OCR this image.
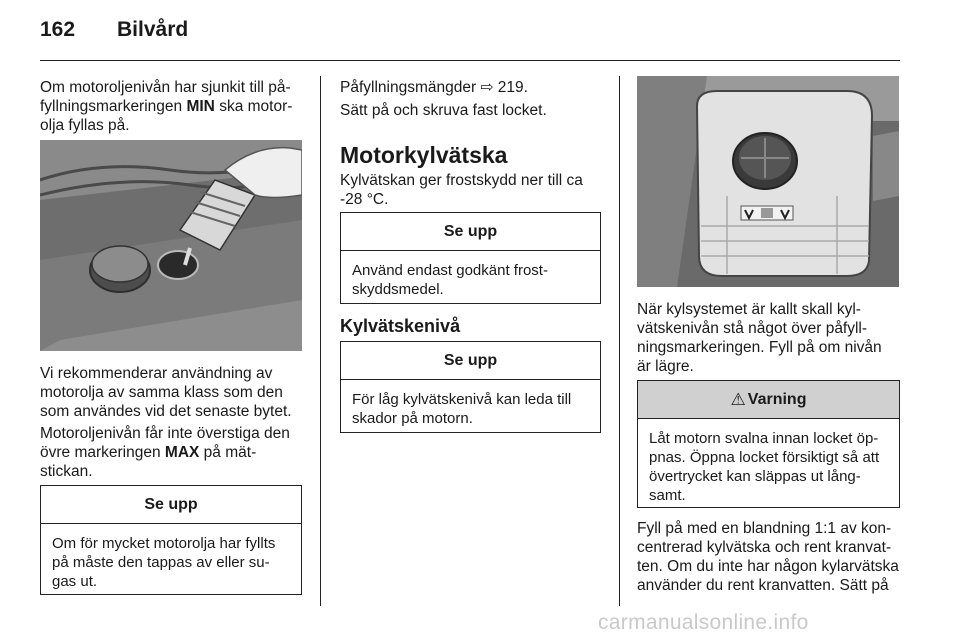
162 Bilvård
Om motoroljenivån har sjunkit till på-
fyllningsmarkeringen MIN ska motor-
olja fyllas på.
Vi rekommenderar användning av
motorolja av samma klass som den
som användes vid det senaste bytet.
Motoroljenivån får inte överstiga den
övre markeringen MAX på mät-
stickan.
Se upp
Om för mycket motorolja har fyllts
på måste den tappas av eller su-
gas ut.
Påfyllningsmängder ⇨ 219.
Sätt på och skruva fast locket.
Motorkylvätska
Kylvätskan ger frostskydd ner till ca
-28 °C.
Se upp
Använd endast godkänt frost-
skyddsmedel.
Kylvätskenivå
Se upp
För låg kylvätskenivå kan leda till
skador på motorn.
När kylsystemet är kallt skall kyl-
vätskenivån stå något över påfyll-
ningsmarkeringen. Fyll på om nivån
är lägre.
⚠ Varning
Låt motorn svalna innan locket öp-
pnas. Öppna locket försiktigt så att
övertrycket kan släppas ut lång-
samt.
Fyll på med en blandning 1:1 av kon-
centrerad kylvätska och rent kranvat-
ten. Om du inte har någon kylarvätska
använder du rent kranvatten. Sätt på
carmanualsonline.info
